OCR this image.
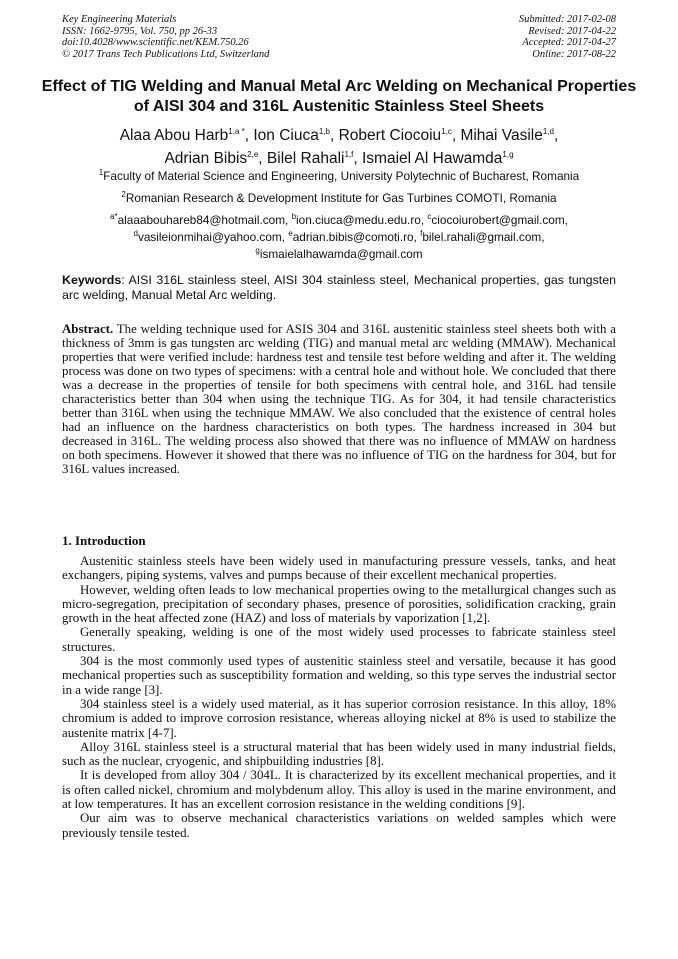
Key Engineering Materials
ISSN: 1662-9795, Vol. 750, pp 26-33
doi:10.4028/www.scientific.net/KEM.750.26
© 2017 Trans Tech Publications Ltd, Switzerland
Submitted: 2017-02-08
Revised: 2017-04-22
Accepted: 2017-04-27
Online: 2017-08-22
Effect of TIG Welding and Manual Metal Arc Welding on Mechanical Properties of AISI 304 and 316L Austenitic Stainless Steel Sheets
Alaa Abou Harb$^{1,a *}$, Ion Ciuca$^{1,b}$, Robert Ciocoiu$^{1,c}$, Mihai Vasile$^{1,d}$,
Adrian Bibis$^{2,e}$, Bilel Rahali$^{1,f}$, Ismaiel Al Hawamda$^{1,g}$
$^1$Faculty of Material Science and Engineering, University Polytechnic of Bucharest, Romania
$^2$Romanian Research & Development Institute for Gas Turbines COMOTI, Romania
$^{a*}$alaaabouhareb84@hotmail.com, $^b$ion.ciuca@medu.edu.ro, $^c$ciocoiurobert@gmail.com,
$^d$vasileionmihai@yahoo.com, $^e$adrian.bibis@comoti.ro, $^f$bilel.rahali@gmail.com,
$^g$ismaielalhawamda@gmail.com
Keywords: AISI 316L stainless steel, AISI 304 stainless steel, Mechanical properties, gas tungsten arc welding, Manual Metal Arc welding.
Abstract. The welding technique used for ASIS 304 and 316L austenitic stainless steel sheets both with a thickness of 3mm is gas tungsten arc welding (TIG) and manual metal arc welding (MMAW). Mechanical properties that were verified include: hardness test and tensile test before welding and after it. The welding process was done on two types of specimens: with a central hole and without hole. We concluded that there was a decrease in the properties of tensile for both specimens with central hole, and 316L had tensile characteristics better than 304 when using the technique TIG. As for 304, it had tensile characteristics better than 316L when using the technique MMAW. We also concluded that the existence of central holes had an influence on the hardness characteristics on both types. The hardness increased in 304 but decreased in 316L. The welding process also showed that there was no influence of MMAW on hardness on both specimens. However it showed that there was no influence of TIG on the hardness for 304, but for 316L values increased.
1. Introduction

Austenitic stainless steels have been widely used in manufacturing pressure vessels, tanks, and heat exchangers, piping systems, valves and pumps because of their excellent mechanical properties.

However, welding often leads to low mechanical properties owing to the metallurgical changes such as micro-segregation, precipitation of secondary phases, presence of porosities, solidification cracking, grain growth in the heat affected zone (HAZ) and loss of materials by vaporization [1,2].

Generally speaking, welding is one of the most widely used processes to fabricate stainless steel structures.

304 is the most commonly used types of austenitic stainless steel and versatile, because it has good mechanical properties such as susceptibility formation and welding, so this type serves the industrial sector in a wide range [3].

304 stainless steel is a widely used material, as it has superior corrosion resistance. In this alloy, 18% chromium is added to improve corrosion resistance, whereas alloying nickel at 8% is used to stabilize the austenite matrix [4-7].

Alloy 316L stainless steel is a structural material that has been widely used in many industrial fields, such as the nuclear, cryogenic, and shipbuilding industries [8].

It is developed from alloy 304 / 304L. It is characterized by its excellent mechanical properties, and it is often called nickel, chromium and molybdenum alloy. This alloy is used in the marine environment, and at low temperatures. It has an excellent corrosion resistance in the welding conditions [9].

Our aim was to observe mechanical characteristics variations on welded samples which were previously tensile tested.
